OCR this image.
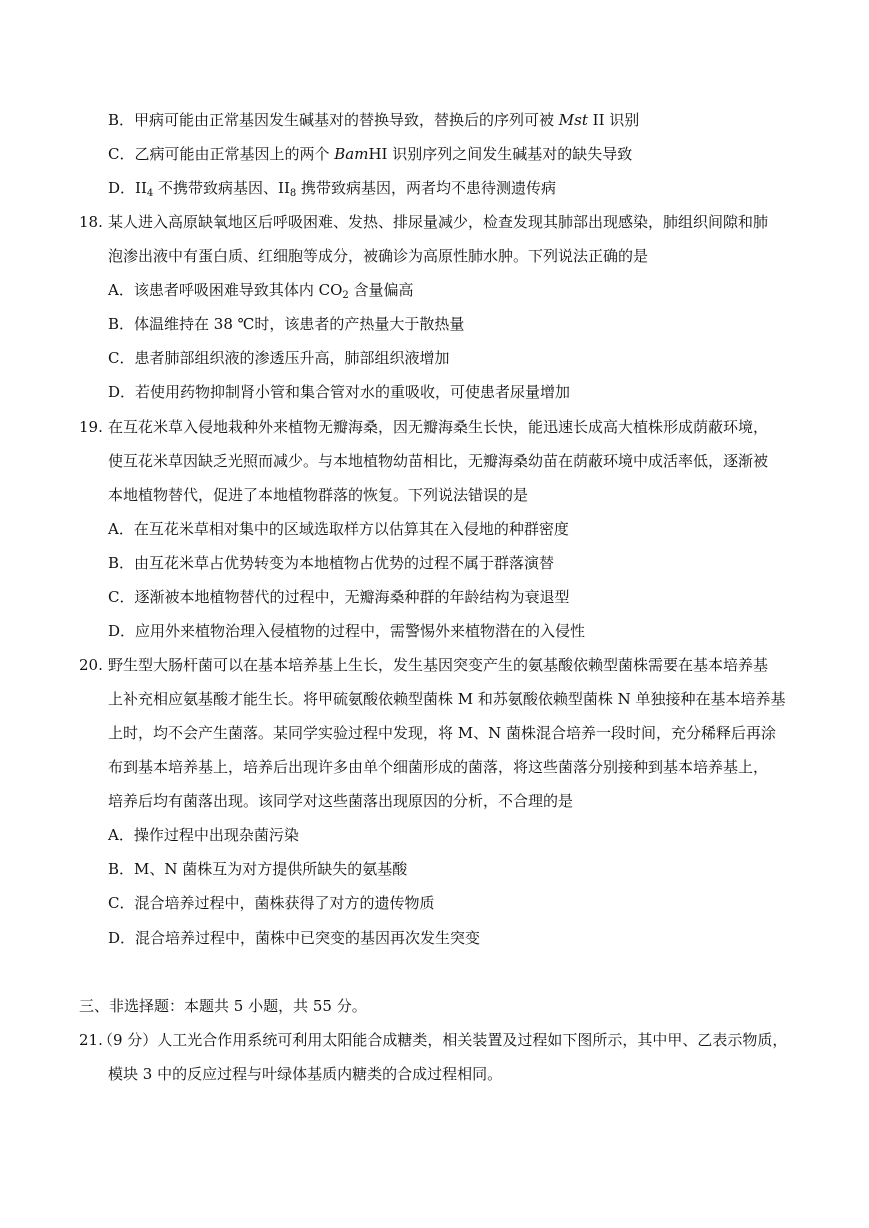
B．甲病可能由正常基因发生碱基对的替换导致，替换后的序列可被 Mst II 识别
C．乙病可能由正常基因上的两个 BamHI 识别序列之间发生碱基对的缺失导致
D．$II_4$ 不携带致病基因、$II_8$ 携带致病基因，两者均不患待测遗传病
18. 某人进入高原缺氧地区后呼吸困难、发热、排尿量减少，检查发现其肺部出现感染，肺组织间隙和肺
泡渗出液中有蛋白质、红细胞等成分，被确诊为高原性肺水肿。下列说法正确的是
A．该患者呼吸困难导致其体内 $CO_2$ 含量偏高
B．体温维持在 38 ℃时，该患者的产热量大于散热量
C．患者肺部组织液的渗透压升高，肺部组织液增加
D．若使用药物抑制肾小管和集合管对水的重吸收，可使患者尿量增加
19. 在互花米草入侵地栽种外来植物无瓣海桑，因无瓣海桑生长快，能迅速长成高大植株形成荫蔽环境，
使互花米草因缺乏光照而减少。与本地植物幼苗相比，无瓣海桑幼苗在荫蔽环境中成活率低，逐渐被
本地植物替代，促进了本地植物群落的恢复。下列说法错误的是
A．在互花米草相对集中的区域选取样方以估算其在入侵地的种群密度
B．由互花米草占优势转变为本地植物占优势的过程不属于群落演替
C．逐渐被本地植物替代的过程中，无瓣海桑种群的年龄结构为衰退型
D．应用外来植物治理入侵植物的过程中，需警惕外来植物潜在的入侵性
20. 野生型大肠杆菌可以在基本培养基上生长，发生基因突变产生的氨基酸依赖型菌株需要在基本培养基
上补充相应氨基酸才能生长。将甲硫氨酸依赖型菌株 M 和苏氨酸依赖型菌株 N 单独接种在基本培养基
上时，均不会产生菌落。某同学实验过程中发现，将 M、N 菌株混合培养一段时间，充分稀释后再涂
布到基本培养基上，培养后出现许多由单个细菌形成的菌落，将这些菌落分别接种到基本培养基上，
培养后均有菌落出现。该同学对这些菌落出现原因的分析，不合理的是
A．操作过程中出现杂菌污染
B．M、N 菌株互为对方提供所缺失的氨基酸
C．混合培养过程中，菌株获得了对方的遗传物质
D．混合培养过程中，菌株中已突变的基因再次发生突变
三、非选择题：本题共 5 小题，共 55 分。
21.
（9 分）人工光合作用系统可利用太阳能合成糖类，相关装置及过程如下图所示，其中甲、乙表示物质，
模块 3 中的反应过程与叶绿体基质内糖类的合成过程相同。
